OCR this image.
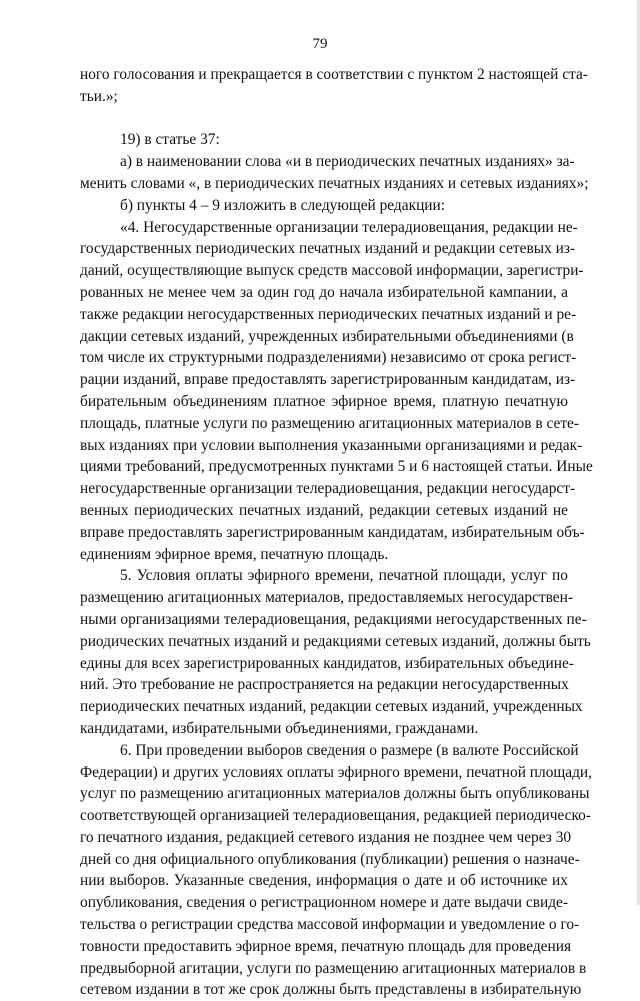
79
ного голосования и прекращается в соответствии с пунктом 2 настоящей ста-
тьи.»;
19) в статье 37:
а) в наименовании слова «и в периодических печатных изданиях» за-
менить словами «, в периодических печатных изданиях и сетевых изданиях»;
б) пункты 4 – 9 изложить в следующей редакции:
«4. Негосударственные организации телерадиовещания, редакции не-
государственных периодических печатных изданий и редакции сетевых из-
даний, осуществляющие выпуск средств массовой информации, зарегистри-
рованных не менее чем за один год до начала избирательной кампании, а
также редакции негосударственных периодических печатных изданий и ре-
дакции сетевых изданий, учрежденных избирательными объединениями (в
том числе их структурными подразделениями) независимо от срока регист-
рации изданий, вправе предоставлять зарегистрированным кандидатам, из-
бирательным объединениям платное эфирное время, платную печатную
площадь, платные услуги по размещению агитационных материалов в сете-
вых изданиях при условии выполнения указанными организациями и редак-
циями требований, предусмотренных пунктами 5 и 6 настоящей статьи. Иные
негосударственные организации телерадиовещания, редакции негосударст-
венных периодических печатных изданий, редакции сетевых изданий не
вправе предоставлять зарегистрированным кандидатам, избирательным объ-
единениям эфирное время, печатную площадь.
5. Условия оплаты эфирного времени, печатной площади, услуг по
размещению агитационных материалов, предоставляемых негосударствен-
ными организациями телерадиовещания, редакциями негосударственных пе-
риодических печатных изданий и редакциями сетевых изданий, должны быть
едины для всех зарегистрированных кандидатов, избирательных объедине-
ний. Это требование не распространяется на редакции негосударственных
периодических печатных изданий, редакции сетевых изданий, учрежденных
кандидатами, избирательными объединениями, гражданами.
6. При проведении выборов сведения о размере (в валюте Российской
Федерации) и других условиях оплаты эфирного времени, печатной площади,
услуг по размещению агитационных материалов должны быть опубликованы
соответствующей организацией телерадиовещания, редакцией периодическо-
го печатного издания, редакцией сетевого издания не позднее чем через 30
дней со дня официального опубликования (публикации) решения о назначе-
нии выборов. Указанные сведения, информация о дате и об источнике их
опубликования, сведения о регистрационном номере и дате выдачи свиде-
тельства о регистрации средства массовой информации и уведомление о го-
товности предоставить эфирное время, печатную площадь для проведения
предвыборной агитации, услуги по размещению агитационных материалов в
сетевом издании в тот же срок должны быть представлены в избирательную
